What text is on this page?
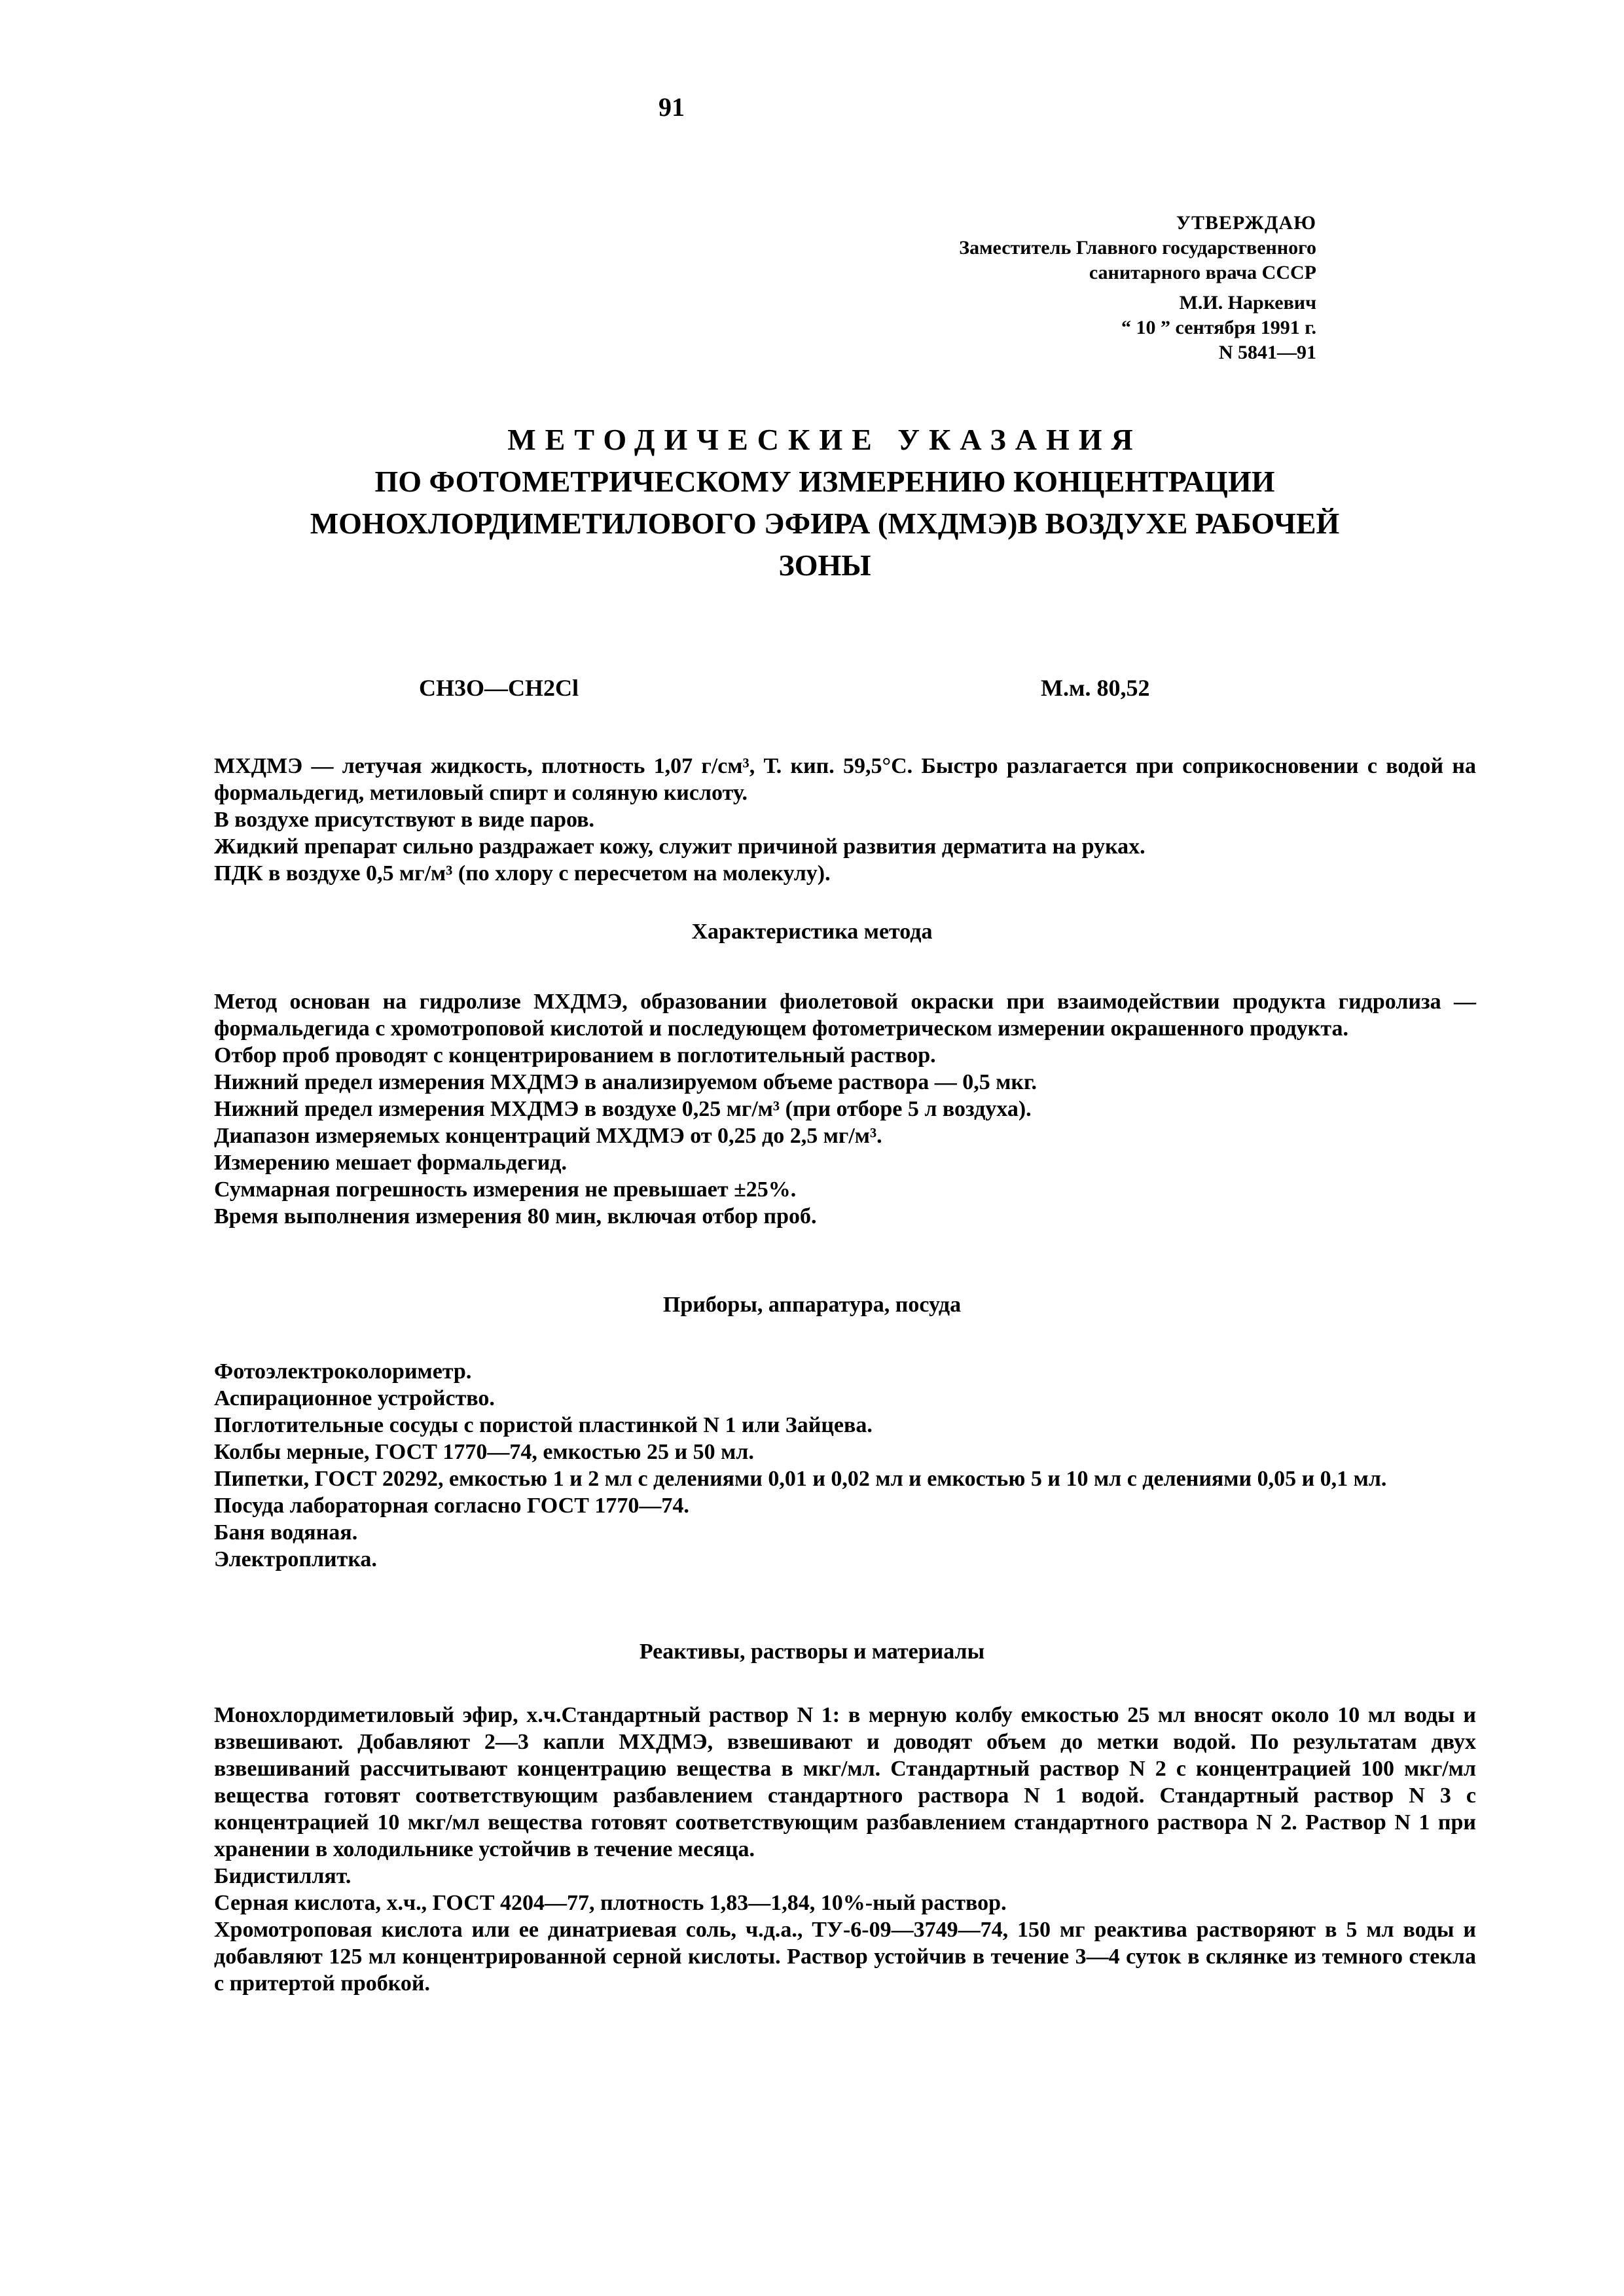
91
УТВЕРЖДАЮ
Заместитель Главного государственного
санитарного врача СССР
М.И. Наркевич
“ 10 ” сентября 1991 г.
N 5841—91
МЕТОДИЧЕСКИЕ УКАЗАНИЯ
ПО ФОТОМЕТРИЧЕСКОМУ ИЗМЕРЕНИЮ КОНЦЕНТРАЦИИ
МОНОХЛОРДИМЕТИЛОВОГО ЭФИРА (МХДМЭ)В ВОЗДУХЕ РАБОЧЕЙ
ЗОНЫ
CH3O—CH2Cl	М.м. 80,52

МХДМЭ — летучая жидкость, плотность 1,07 г/см³, Т. кип. 59,5°С. Быстро разлагается при соприкосновении с водой на формальдегид, метиловый спирт и соляную кислоту.

В воздухе присутствуют в виде паров.

Жидкий препарат сильно раздражает кожу, служит причиной развития дерматита на руках.

ПДК в воздухе 0,5 мг/м³ (по хлору с пересчетом на молекулу).

Характеристика метода

Метод основан на гидролизе МХДМЭ, образовании фиолетовой окраски при взаимодействии продукта гидролиза — формальдегида с хромотроповой кислотой и последующем фотометрическом измерении окрашенного продукта.

Отбор проб проводят с концентрированием в поглотительный раствор.

Нижний предел измерения МХДМЭ в анализируемом объеме раствора — 0,5 мкг.

Нижний предел измерения МХДМЭ в воздухе 0,25 мг/м³ (при отборе 5 л воздуха).

Диапазон измеряемых концентраций МХДМЭ от 0,25 до 2,5 мг/м³.

Измерению мешает формальдегид.

Суммарная погрешность измерения не превышает ±25%.

Время выполнения измерения 80 мин, включая отбор проб.

Приборы, аппаратура, посуда

Фотоэлектроколориметр.

Аспирационное устройство.

Поглотительные сосуды с пористой пластинкой N 1 или Зайцева.

Колбы мерные, ГОСТ 1770—74, емкостью 25 и 50 мл.

Пипетки, ГОСТ 20292, емкостью 1 и 2 мл с делениями 0,01 и 0,02 мл и емкостью 5 и 10 мл с делениями 0,05 и 0,1 мл.

Посуда лабораторная согласно ГОСТ 1770—74.

Баня водяная.

Электроплитка.

Реактивы, растворы и материалы

Монохлордиметиловый эфир, х.ч.Стандартный раствор N 1: в мерную колбу емкостью 25 мл вносят около 10 мл воды и взвешивают. Добавляют 2—3 капли МХДМЭ, взвешивают и доводят объем до метки водой. По результатам двух взвешиваний рассчитывают концентрацию вещества в мкг/мл. Стандартный раствор N 2 с концентрацией 100 мкг/мл вещества готовят соответствующим разбавлением стандартного раствора N 1 водой. Стандартный раствор N 3 с концентрацией 10 мкг/мл вещества готовят соответствующим разбавлением стандартного раствора N 2. Раствор N 1 при хранении в холодильнике устойчив в течение месяца.

Бидистиллят.

Серная кислота, х.ч., ГОСТ 4204—77, плотность 1,83—1,84, 10%-ный раствор.

Хромотроповая кислота или ее динатриевая соль, ч.д.а., ТУ-6-09—3749—74, 150 мг реактива растворяют в 5 мл воды и добавляют 125 мл концентрированной серной кислоты. Раствор устойчив в течение 3—4 суток в склянке из темного стекла с притертой пробкой.
